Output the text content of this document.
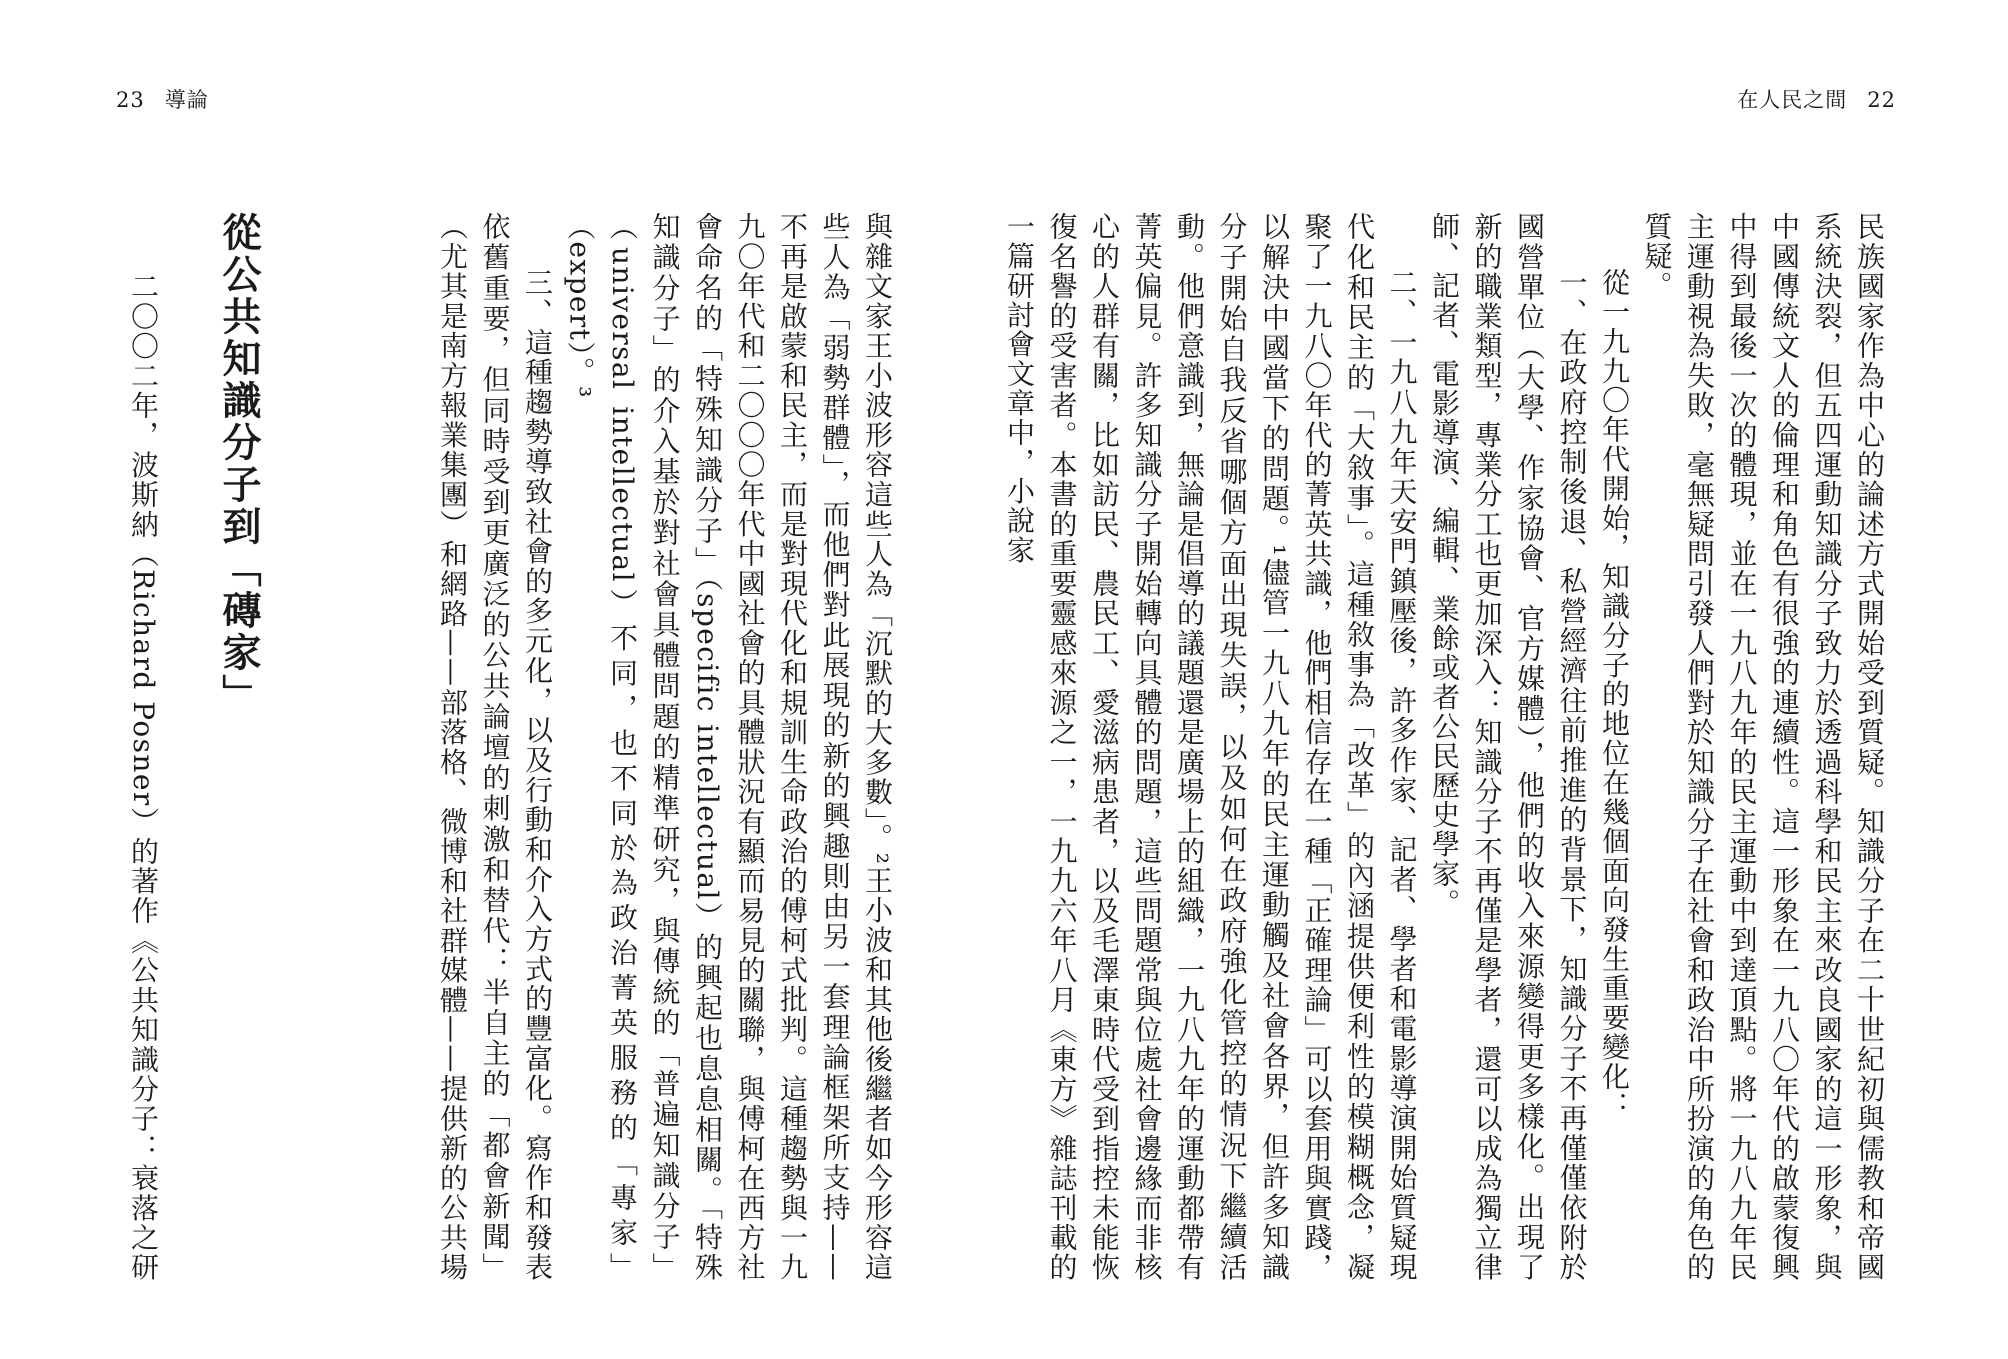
23 導論	在人民之間 22

民族國家作為中心的論述方式開始受到質疑。知識分子在二十世紀初與儒教和帝國系統決裂，但五四運動知識分子致力於透過科學和民主來改良國家的這一形象，與中國傳統文人的倫理和角色有很強的連續性。這一形象在一九八〇年代的啟蒙復興中得到最後一次的體現，並在一九八九年的民主運動中到達頂點。將一九八九年民主運動視為失敗，毫無疑問引發人們對於知識分子在社會和政治中所扮演的角色的質疑。

從一九九〇年代開始，知識分子的地位在幾個面向發生重要變化：

一、在政府控制後退、私營經濟往前推進的背景下，知識分子不再僅僅依附於國營單位（大學、作家協會、官方媒體），他們的收入來源變得更多樣化。出現了新的職業類型，專業分工也更加深入：知識分子不再僅是學者，還可以成為獨立律師、記者、電影導演、編輯、業餘或者公民歷史學家。

二、一九八九年天安門鎮壓後，許多作家、記者、學者和電影導演開始質疑現代化和民主的「大敘事」。這種敘事為「改革」的內涵提供便利性的模糊概念，凝聚了一九八〇年代的菁英共識，他們相信存在一種「正確理論」可以套用與實踐，以解決中國當下的問題。¹儘管一九八九年的民主運動觸及社會各界，但許多知識分子開始自我反省哪個方面出現失誤，以及如何在政府強化管控的情況下繼續活動。他們意識到，無論是倡導的議題還是廣場上的組織，一九八九年的運動都帶有菁英偏見。許多知識分子開始轉向具體的問題，這些問題常與位處社會邊緣而非核心的人群有關，比如訪民、農民工、愛滋病患者，以及毛澤東時代受到指控未能恢復名譽的受害者。本書的重要靈感來源之一，一九九六年八月《東方》雜誌刊載的一篇研討會文章中，小說家

與雜文家王小波形容這些人為「沉默的大多數」。²王小波和其他後繼者如今形容這些人為「弱勢群體」，而他們對此展現的新的興趣則由另一套理論框架所支持——不再是啟蒙和民主，而是對現代化和規訓生命政治的傅柯式批判。這種趨勢與一九九〇年代和二〇〇〇年代中國社會的具體狀況有顯而易見的關聯，與傅柯在西方社會命名的「特殊知識分子」（specific intellectual）的興起也息息相關。「特殊知識分子」的介入基於對社會具體問題的精準研究，與傳統的「普遍知識分子」（universal intellectual）不同，也不同於為政治菁英服務的「專家」（expert）。³

三、這種趨勢導致社會的多元化，以及行動和介入方式的豐富化。寫作和發表依舊重要，但同時受到更廣泛的公共論壇的刺激和替代：半自主的「都會新聞」（尤其是南方報業集團）和網路——部落格、微博和社群媒體——提供新的公共場

從公共知識分子到「磚家」

二〇〇二年，波斯納（Richard Posner）的著作《公共知識分子：衰落之研
